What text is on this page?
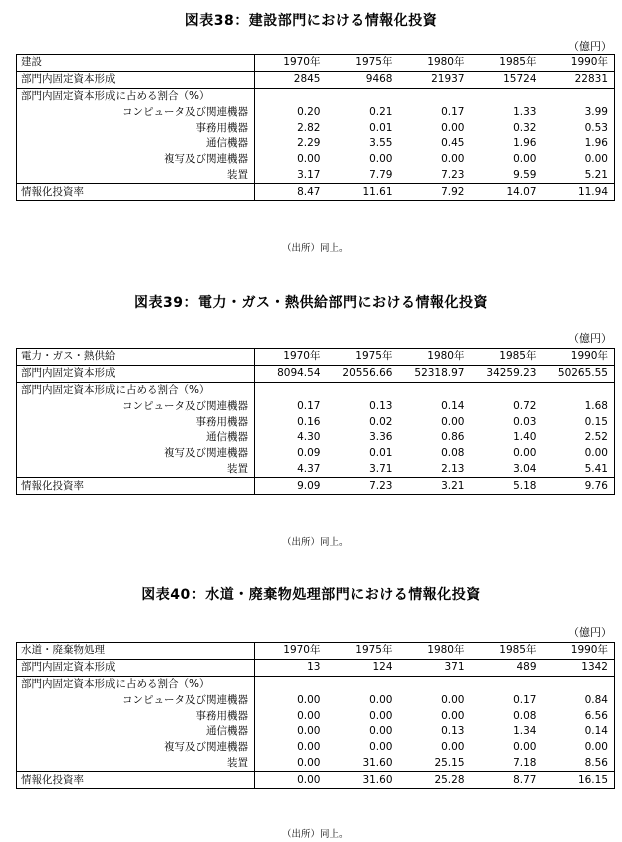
図表38：建設部門における情報化投資
（億円）
建設	1970年	1975年	1980年	1985年	1990年
部門内固定資本形成	2845	9468	21937	15724	22831
部門内固定資本形成に占める割合（%）					
コンピュータ及び関連機器	0.20	0.21	0.17	1.33	3.99
事務用機器	2.82	0.01	0.00	0.32	0.53
通信機器	2.29	3.55	0.45	1.96	1.96
複写及び関連機器	0.00	0.00	0.00	0.00	0.00
装置	3.17	7.79	7.23	9.59	5.21
情報化投資率	8.47	11.61	7.92	14.07	11.94
（出所）同上。
図表39：電力・ガス・熱供給部門における情報化投資
（億円）
電力・ガス・熱供給	1970年	1975年	1980年	1985年	1990年
部門内固定資本形成	8094.54	20556.66	52318.97	34259.23	50265.55
部門内固定資本形成に占める割合（%）					
コンピュータ及び関連機器	0.17	0.13	0.14	0.72	1.68
事務用機器	0.16	0.02	0.00	0.03	0.15
通信機器	4.30	3.36	0.86	1.40	2.52
複写及び関連機器	0.09	0.01	0.08	0.00	0.00
装置	4.37	3.71	2.13	3.04	5.41
情報化投資率	9.09	7.23	3.21	5.18	9.76
（出所）同上。
図表40：水道・廃棄物処理部門における情報化投資
（億円）
水道・廃棄物処理	1970年	1975年	1980年	1985年	1990年
部門内固定資本形成	13	124	371	489	1342
部門内固定資本形成に占める割合（%）					
コンピュータ及び関連機器	0.00	0.00	0.00	0.17	0.84
事務用機器	0.00	0.00	0.00	0.08	6.56
通信機器	0.00	0.00	0.13	1.34	0.14
複写及び関連機器	0.00	0.00	0.00	0.00	0.00
装置	0.00	31.60	25.15	7.18	8.56
情報化投資率	0.00	31.60	25.28	8.77	16.15
（出所）同上。
